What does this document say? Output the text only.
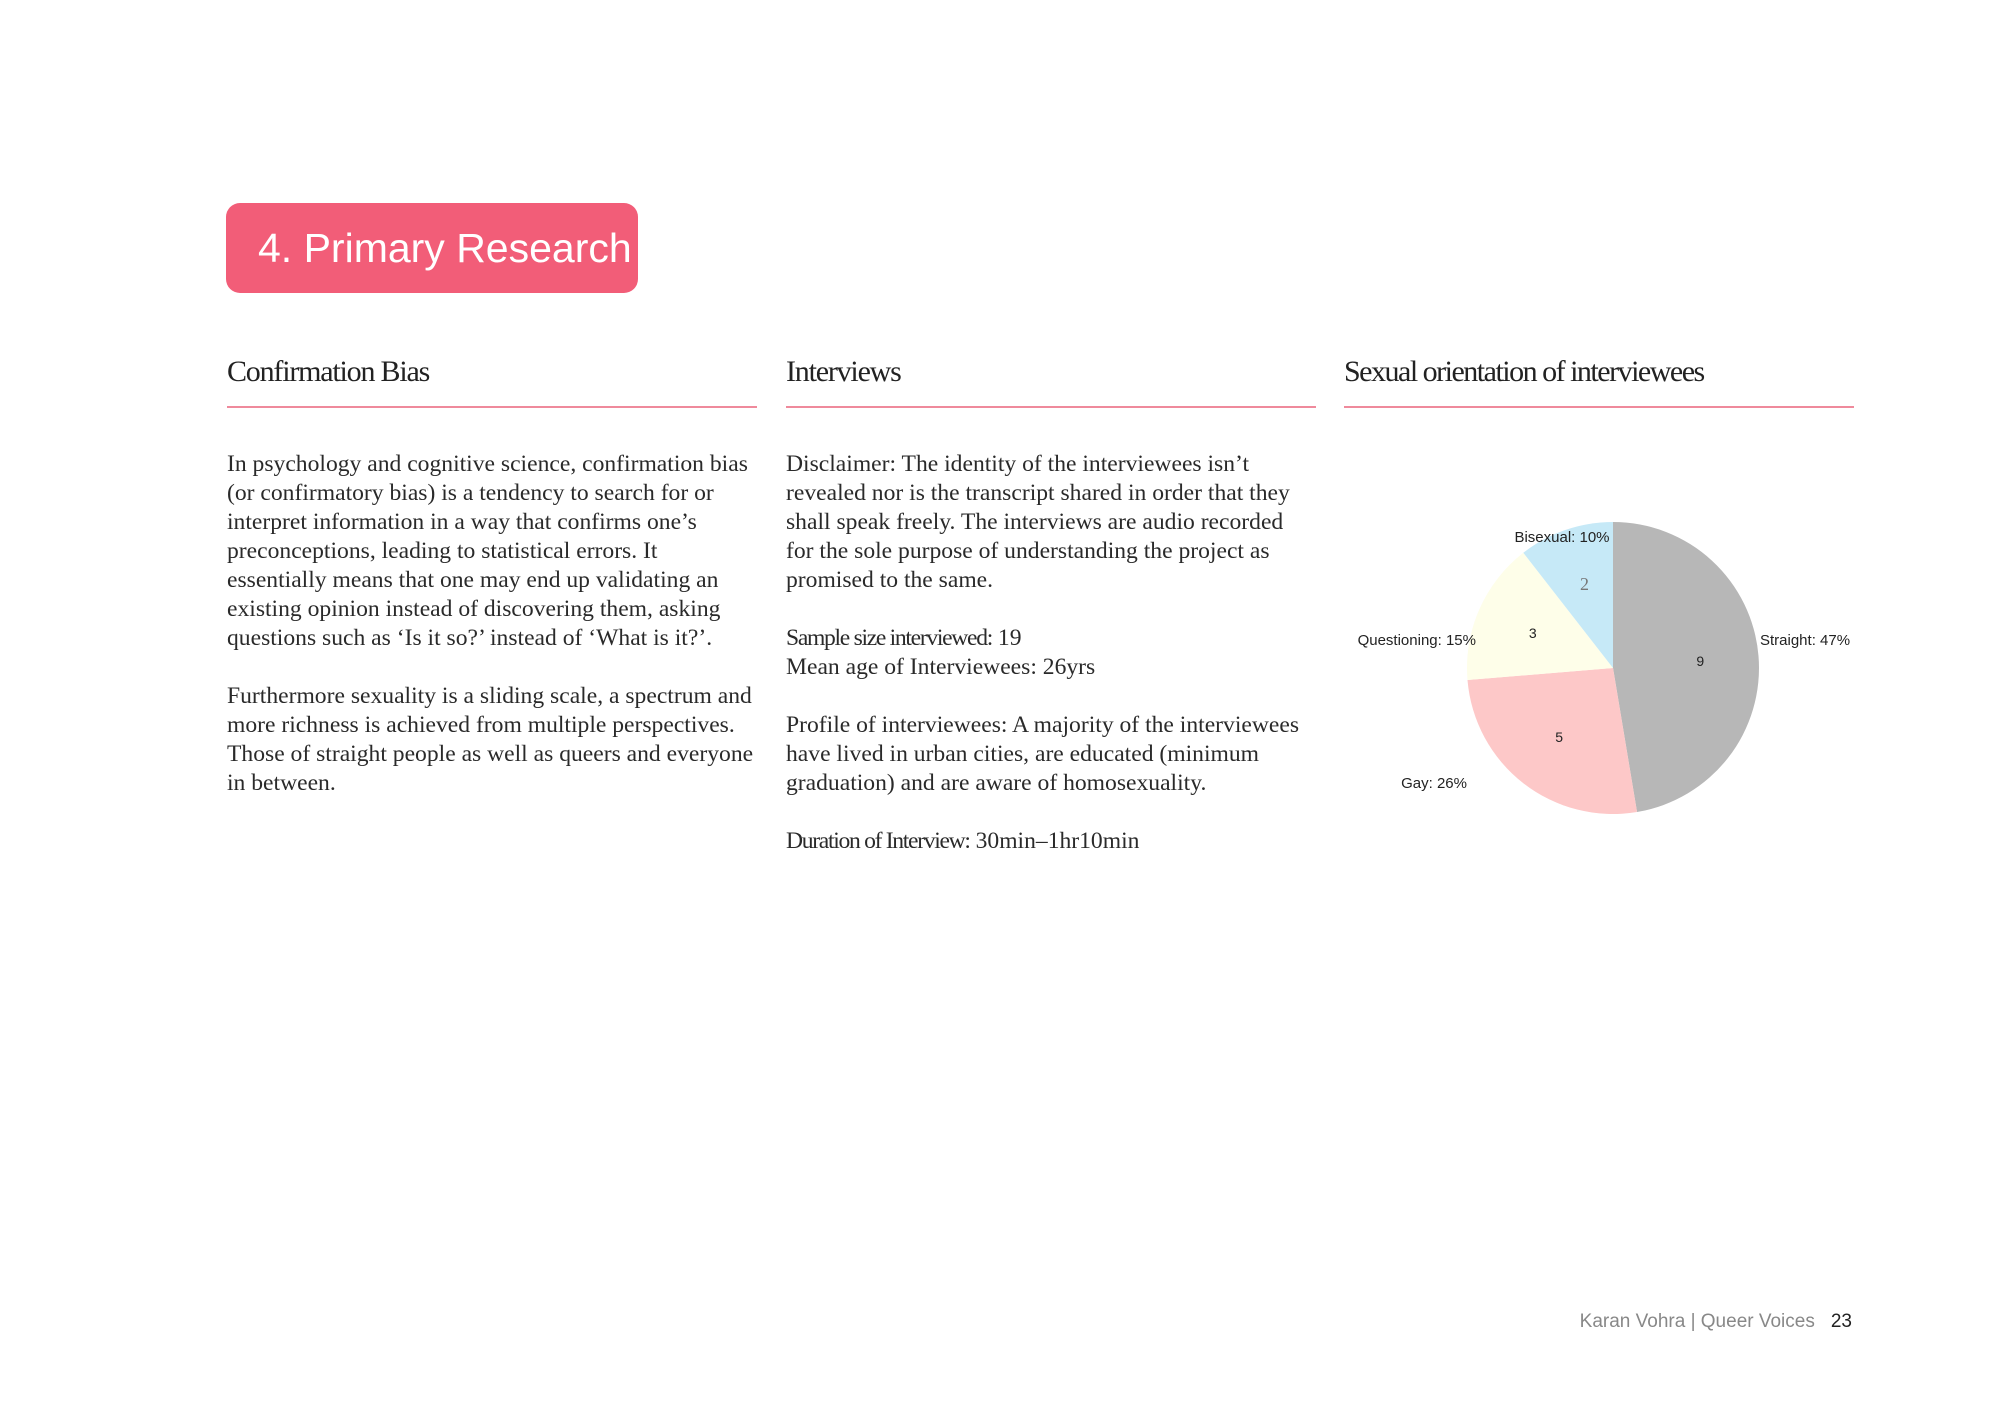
4. Primary Research
Confirmation Bias

In psychology and cognitive science, confirmation bias (or confirmatory bias) is a tendency to search for or interpret information in a way that confirms one’s preconceptions, leading to statistical errors. It essentially means that one may end up validating an existing opinion instead of discovering them, asking questions such as ‘Is it so?’ instead of ‘What is it?’.

Furthermore sexuality is a sliding scale, a spectrum and more richness is achieved from multiple perspectives. Those of straight people as well as queers and everyone in between.

Interviews

Disclaimer: The identity of the interviewees isn’t revealed nor is the transcript shared in order that they shall speak freely. The interviews are audio recorded for the sole purpose of understanding the project as promised to the same.

Sample size interviewed: 19
Mean age of Interviewees: 26yrs

Profile of interviewees: A majority of the interviewees have lived in urban cities, are educated (minimum graduation) and are aware of homosexuality.

Duration of Interview: 30min–1hr10min

Sexual orientation of interviewees
9
Straight: 47%
5
Gay: 26%
3
Questioning: 15%
2
Bisexual: 10%
Karan Vohra | Queer Voices 23
